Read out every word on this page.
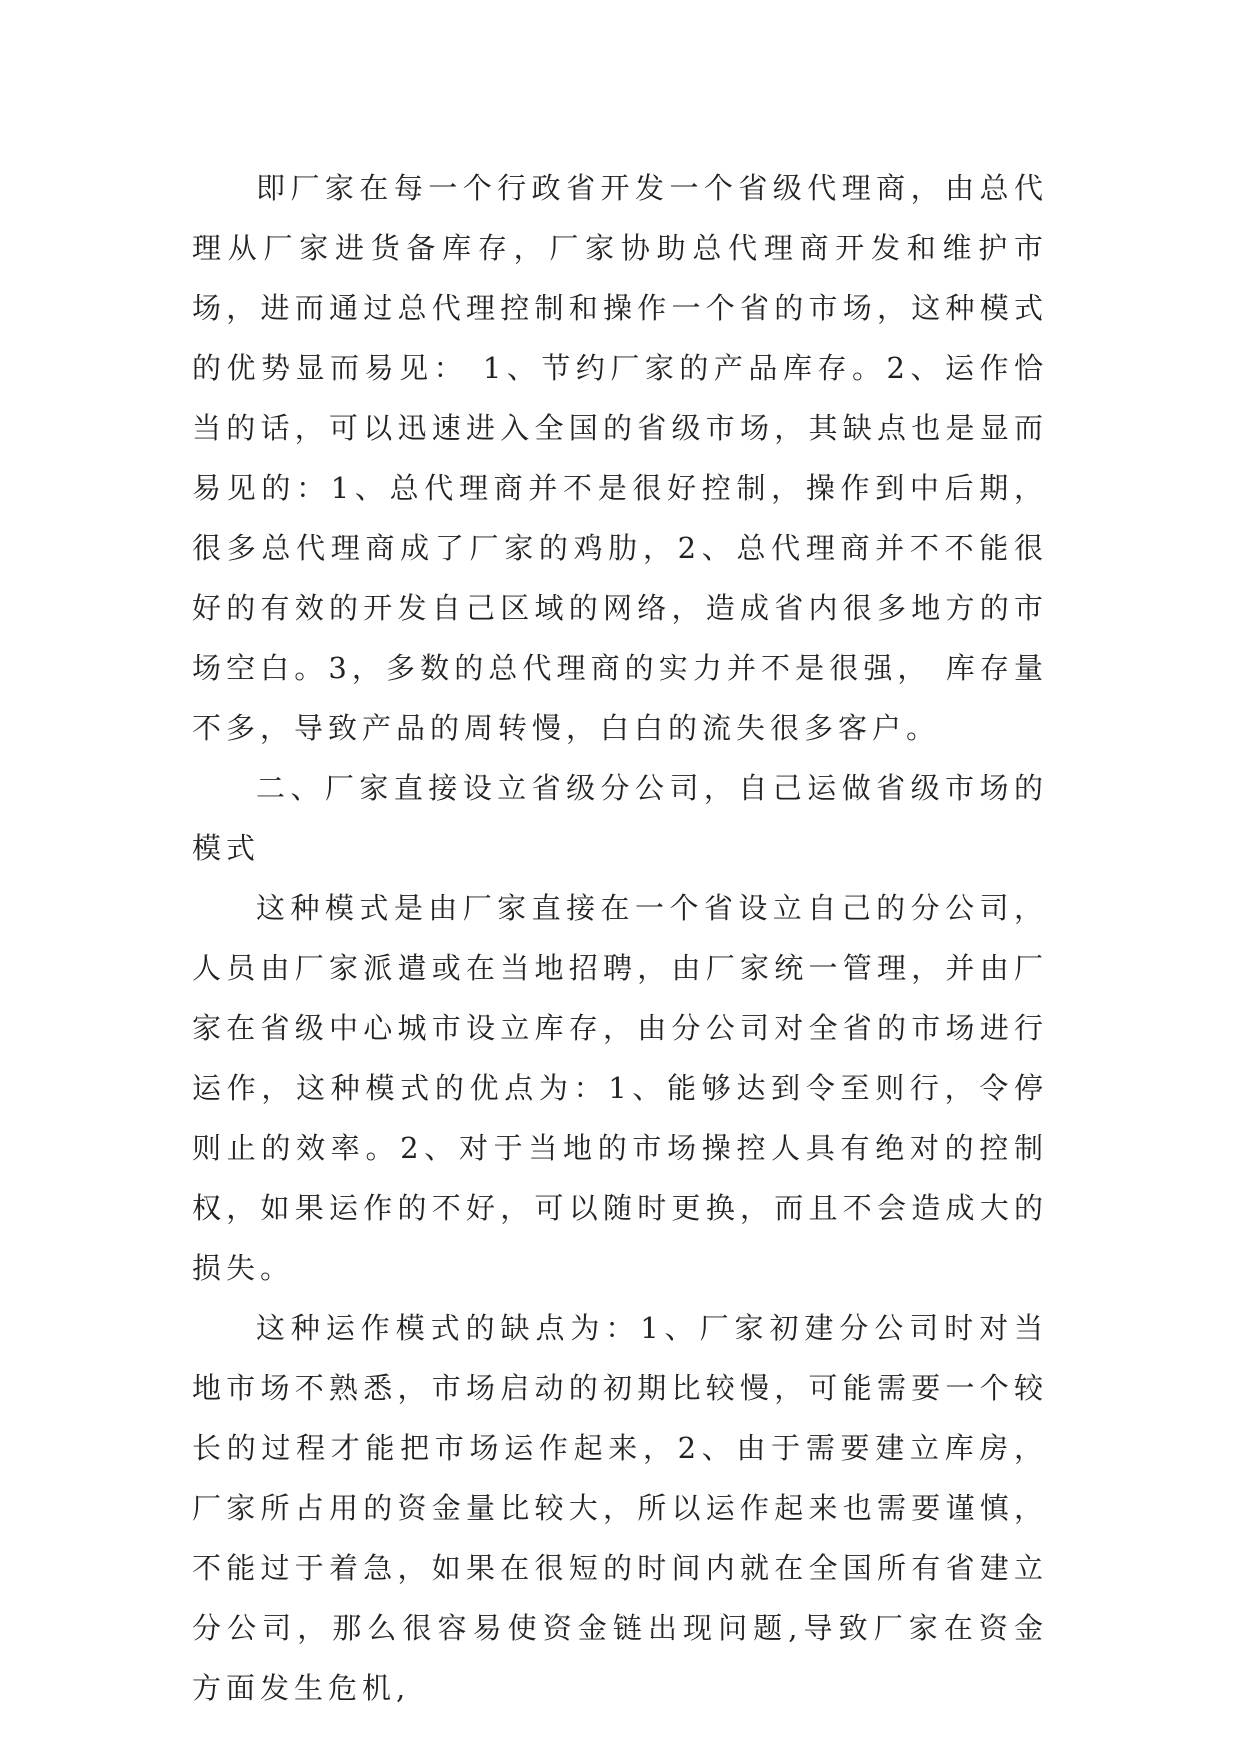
即厂家在每一个行政省开发一个省级代理商，由总代理从厂家进货备库存，厂家协助总代理商开发和维护市场，进而通过总代理控制和操作一个省的市场，这种模式的优势显而易见： 1、节约厂家的产品库存。2、运作恰当的话，可以迅速进入全国的省级市场，其缺点也是显而易见的：1、总代理商并不是很好控制，操作到中后期，很多总代理商成了厂家的鸡肋，2、总代理商并不不能很好的有效的开发自己区域的网络，造成省内很多地方的市场空白。3，多数的总代理商的实力并不是很强， 库存量不多，导致产品的周转慢，白白的流失很多客户。

二、厂家直接设立省级分公司，自己运做省级市场的模式

这种模式是由厂家直接在一个省设立自己的分公司，人员由厂家派遣或在当地招聘，由厂家统一管理，并由厂家在省级中心城市设立库存，由分公司对全省的市场进行运作，这种模式的优点为：1、能够达到令至则行，令停则止的效率。2、对于当地的市场操控人具有绝对的控制权，如果运作的不好，可以随时更换，而且不会造成大的损失。

这种运作模式的缺点为：1、厂家初建分公司时对当地市场不熟悉，市场启动的初期比较慢，可能需要一个较长的过程才能把市场运作起来，2、由于需要建立库房，厂家所占用的资金量比较大，所以运作起来也需要谨慎，不能过于着急，如果在很短的时间内就在全国所有省建立分公司，那么很容易使资金链出现问题,导致厂家在资金方面发生危机,
